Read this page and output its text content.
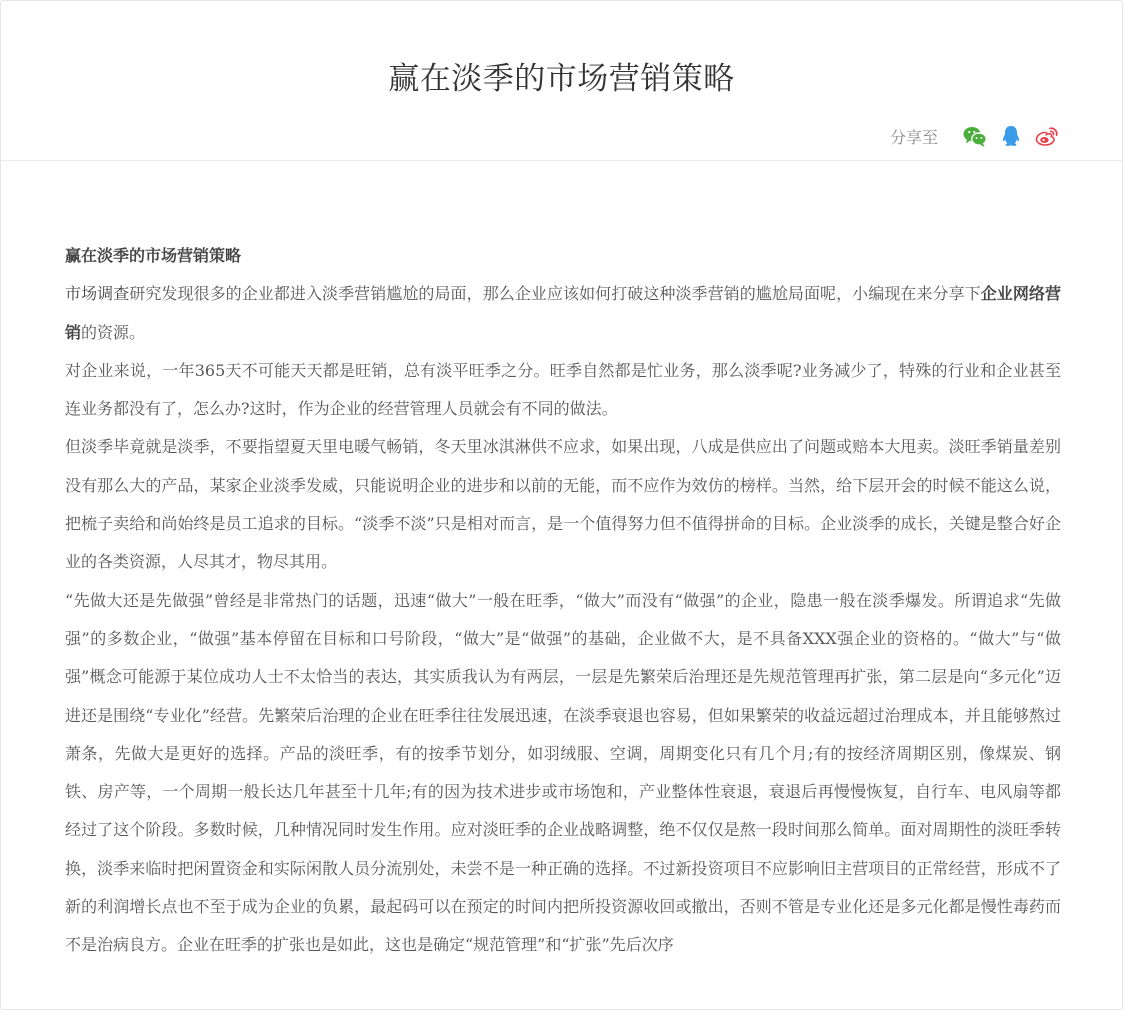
赢在淡季的市场营销策略
分享至

赢在淡季的市场营销策略

市场调查研究发现很多的企业都进入淡季营销尴尬的局面，那么企业应该如何打破这种淡季营销的尴尬局面呢，小编现在来分享下企业网络营销的资源。

对企业来说，一年365天不可能天天都是旺销，总有淡平旺季之分。旺季自然都是忙业务，那么淡季呢?业务减少了，特殊的行业和企业甚至连业务都没有了，怎么办?这时，作为企业的经营管理人员就会有不同的做法。

但淡季毕竟就是淡季，不要指望夏天里电暖气畅销，冬天里冰淇淋供不应求，如果出现，八成是供应出了问题或赔本大甩卖。淡旺季销量差别没有那么大的产品，某家企业淡季发威，只能说明企业的进步和以前的无能，而不应作为效仿的榜样。当然，给下层开会的时候不能这么说，把梳子卖给和尚始终是员工追求的目标。“淡季不淡”只是相对而言，是一个值得努力但不值得拼命的目标。企业淡季的成长，关键是整合好企业的各类资源，人尽其才，物尽其用。

“先做大还是先做强”曾经是非常热门的话题，迅速“做大”一般在旺季，“做大”而没有“做强”的企业，隐患一般在淡季爆发。所谓追求“先做强”的多数企业，“做强”基本停留在目标和口号阶段，“做大”是“做强”的基础，企业做不大，是不具备XXX强企业的资格的。“做大”与“做强”概念可能源于某位成功人士不太恰当的表达，其实质我认为有两层，一层是先繁荣后治理还是先规范管理再扩张，第二层是向“多元化”迈进还是围绕“专业化”经营。先繁荣后治理的企业在旺季往往发展迅速，在淡季衰退也容易，但如果繁荣的收益远超过治理成本，并且能够熬过萧条，先做大是更好的选择。产品的淡旺季，有的按季节划分，如羽绒服、空调，周期变化只有几个月;有的按经济周期区别，像煤炭、钢铁、房产等，一个周期一般长达几年甚至十几年;有的因为技术进步或市场饱和，产业整体性衰退，衰退后再慢慢恢复，自行车、电风扇等都经过了这个阶段。多数时候，几种情况同时发生作用。应对淡旺季的企业战略调整，绝不仅仅是熬一段时间那么简单。面对周期性的淡旺季转换，淡季来临时把闲置资金和实际闲散人员分流别处，未尝不是一种正确的选择。不过新投资项目不应影响旧主营项目的正常经营，形成不了新的利润增长点也不至于成为企业的负累，最起码可以在预定的时间内把所投资源收回或撤出，否则不管是专业化还是多元化都是慢性毒药而不是治病良方。企业在旺季的扩张也是如此，这也是确定“规范管理”和“扩张”先后次序
